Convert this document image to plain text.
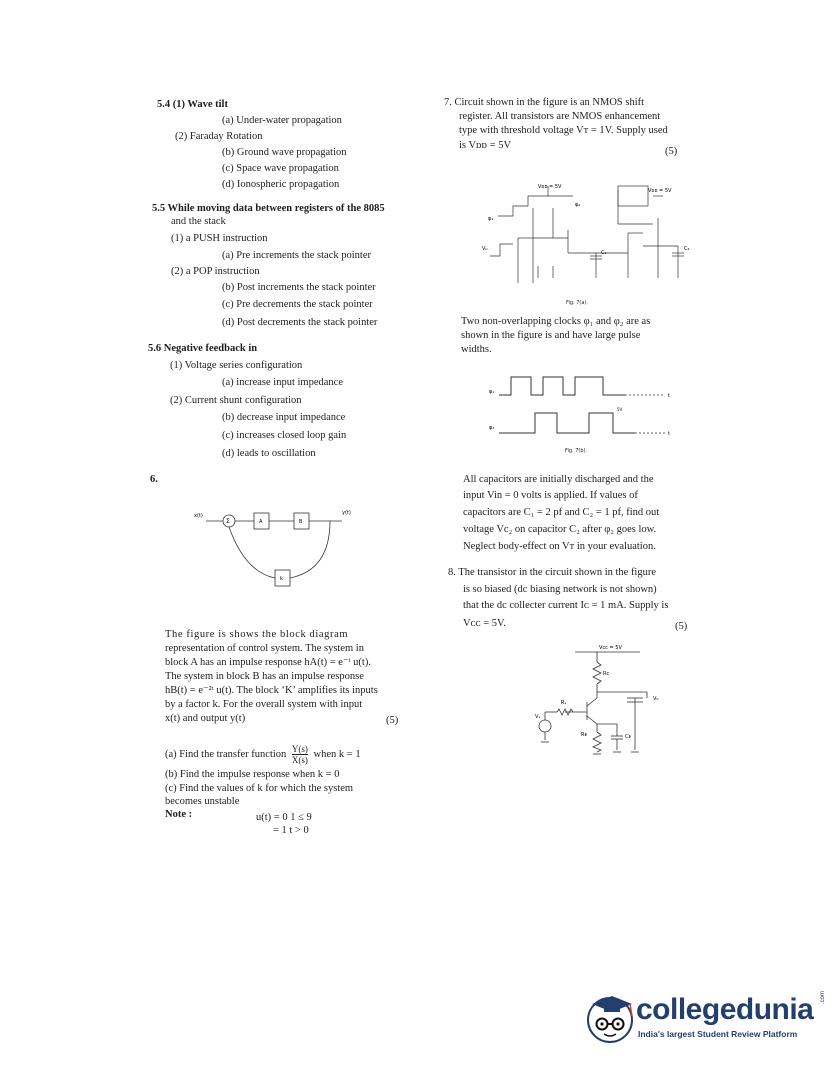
5.4 (1) Wave tilt
(a) Under-water propagation
(2) Faraday Rotation
(b) Ground wave propagation
(c) Space wave propagation
(d) Ionospheric propagation
5.5 While moving data between registers of the 8085
and the stack
(1) a PUSH instruction
(a) Pre increments the stack pointer
(2) a POP instruction
(b) Post increments the stack pointer
(c) Pre decrements the stack pointer
(d) Post decrements the stack pointer
5.6 Negative feedback in
(1) Voltage series configuration
(a) increase input impedance
(2) Current shunt configuration
(b) decrease input impedance
(c) increases closed loop gain
(d) leads to oscillation
6.
x(t)
Σ	A	B
y(t)
k
The figure is shows the block diagram
representation of control system. The system in
block A has an impulse response hA(t) = e⁻ᵗ u(t).
The system in block B has an impulse response
hB(t) = e⁻²ᵗ u(t). The block ‘K’ amplifies its inputs
by a factor k. For the overall system with input
x(t) and output y(t)	(5)
(a) Find the transfer function $\frac{Y(s)}{X(s)}$ when k = 1
(b) Find the impulse response when k = 0
(c) Find the values of k for which the system
becomes unstable
Note :	u(t) = 0 1 ≤ 9
= 1 t > 0
7. Circuit shown in the figure is an NMOS shift
register. All transistors are NMOS enhancement
type with threshold voltage Vᴛ = 1V. Supply used
is Vᴅᴅ = 5V
(5)
Vᴅᴅ = 5V
Vᴅᴅ = 5V
φ₁
φ₂
Vᵢₙ
C₁
C₂
Fig. 7(a).
Two non-overlapping clocks φ₁ and φ₂ are as
shown in the figure is and have large pulse
widths.
φ₁
φ₂
5V
t
t
Fig. 7(b).
All capacitors are initially discharged and the
input Vin = 0 volts is applied. If values of
capacitors are C₁ = 2 pf and C₂ = 1 pf, find out
voltage Vc₂ on capacitor C₂ after φ₂ goes low.
Neglect body-effect on Vᴛ in your evaluation.
8. The transistor in the circuit shown in the figure
is so biased (dc biasing network is not shown)
that the dc collecter current Iᴄ = 1 mA. Supply is
Vᴄᴄ = 5V.	(5)
Vᴄᴄ = 5V
Rᴄ
Rₛ
Rᴇ	Cᴇ
Vₛ
V₀
collegedunia .com
India's largest Student Review Platform
